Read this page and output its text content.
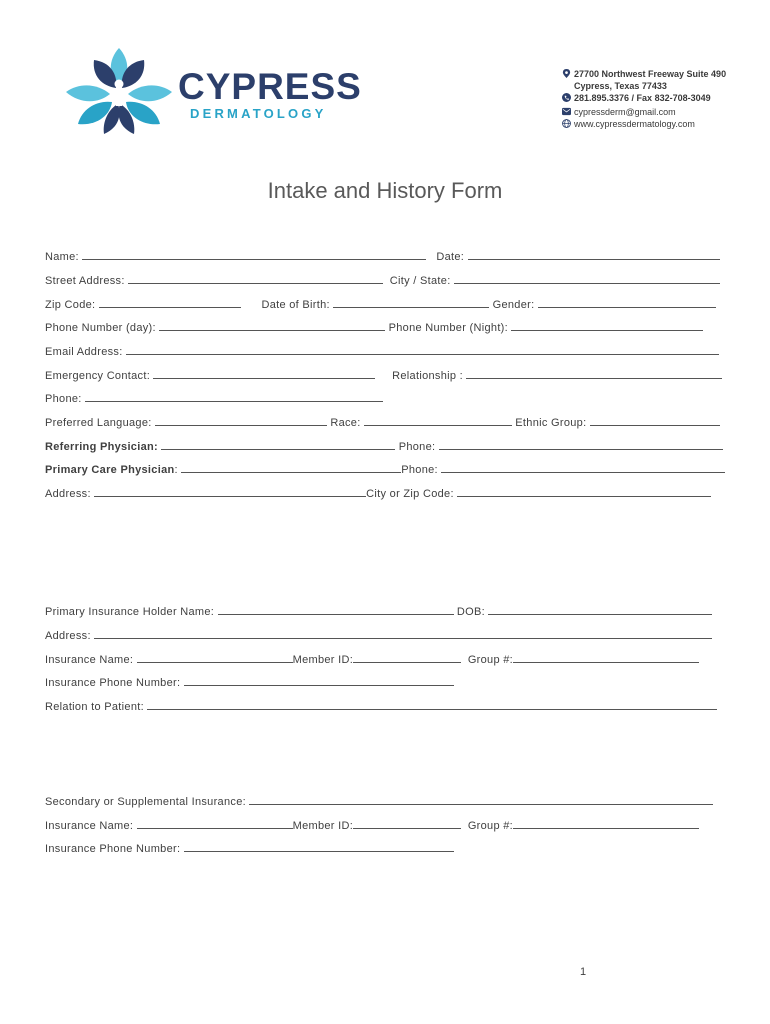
CYPRESS
DERMATOLOGY
27700 Northwest Freeway Suite 490
Cypress, Texas 77433
281.895.3376 / Fax 832-708-3049
cypressderm@gmail.com
www.cypressdermatology.com
Intake and History Form
Name:	Date:
Street Address:	City / State:
Zip Code:	Date of Birth:	Gender:
Phone Number (day):	Phone Number (Night):
Email Address:
Emergency Contact:	Relationship :
Phone:
Preferred Language:	Race:	Ethnic Group:
Referring Physician:	Phone:
Primary Care Physician:	Phone:
Address:	City or Zip Code:
Primary Insurance Holder Name:	DOB:
Address:
Insurance Name:	Member ID:	Group #:
Insurance Phone Number:
Relation to Patient:
Secondary or Supplemental Insurance:
Insurance Name:	Member ID:	Group #:
Insurance Phone Number:
1
